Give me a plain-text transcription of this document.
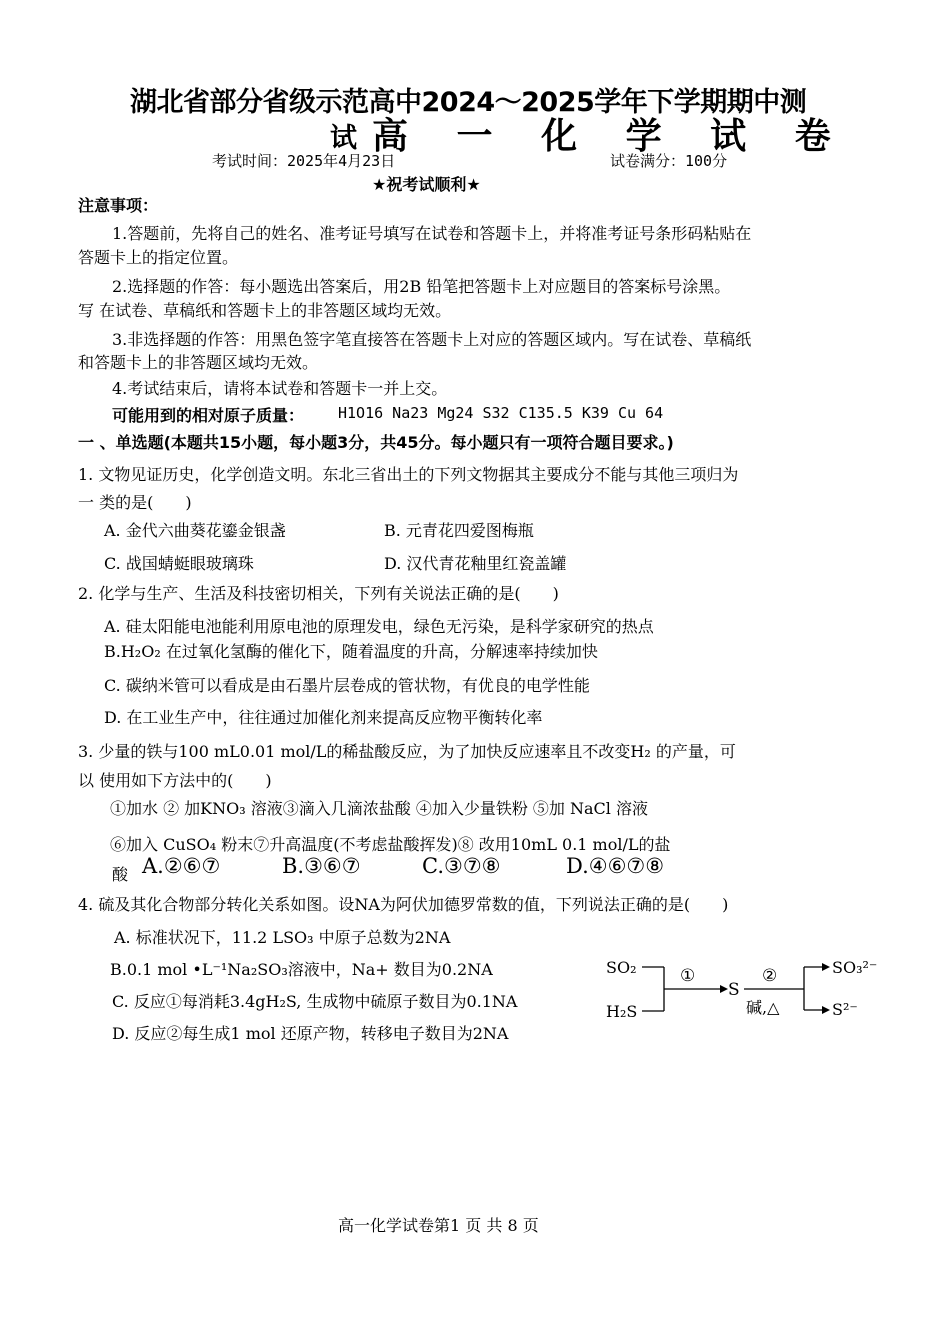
湖北省部分省级示范高中2024～2025学年下学期期中测
试 高 一 化 学 试 卷
考试时间：2025年4月23日	试卷满分：100分
★祝考试顺利★
注意事项：
1.答题前，先将自己的姓名、准考证号填写在试卷和答题卡上，并将准考证号条形码粘贴在
答题卡上的指定位置。
2.选择题的作答：每小题选出答案后，用2B 铅笔把答题卡上对应题目的答案标号涂黑。
写 在试卷、草稿纸和答题卡上的非答题区域均无效。
3.非选择题的作答：用黑色签字笔直接答在答题卡上对应的答题区域内。写在试卷、草稿纸
和答题卡上的非答题区域均无效。
4.考试结束后，请将本试卷和答题卡一并上交。
可能用到的相对原子质量： H1O16 Na23 Mg24 S32 C135.5 K39 Cu 64
一 、单选题(本题共15小题，每小题3分，共45分。每小题只有一项符合题目要求。)
1. 文物见证历史，化学创造文明。东北三省出土的下列文物据其主要成分不能与其他三项归为
一 类的是(　　)
A. 金代六曲葵花鎏金银盏	B. 元青花四爱图梅瓶
C. 战国蜻蜓眼玻璃珠	D. 汉代青花釉里红瓷盖罐
2. 化学与生产、生活及科技密切相关，下列有关说法正确的是(　　)
A. 硅太阳能电池能利用原电池的原理发电，绿色无污染，是科学家研究的热点
B.H₂O₂ 在过氧化氢酶的催化下，随着温度的升高，分解速率持续加快
C. 碳纳米管可以看成是由石墨片层卷成的管状物，有优良的电学性能
D. 在工业生产中，往往通过加催化剂来提高反应物平衡转化率
3. 少量的铁与100 mL0.01 mol/L的稀盐酸反应，为了加快反应速率且不改变H₂ 的产量，可
以 使用如下方法中的(　　)
①加水 ② 加KNO₃ 溶液③滴入几滴浓盐酸 ④加入少量铁粉 ⑤加 NaCl 溶液
⑥加入 CuSO₄ 粉末⑦升高温度(不考虑盐酸挥发)⑧ 改用10mL 0.1 mol/L的盐
酸 A.②⑥⑦	B.③⑥⑦	C.③⑦⑧	D.④⑥⑦⑧
4. 硫及其化合物部分转化关系如图。设NA为阿伏加德罗常数的值，下列说法正确的是(　　)
A. 标准状况下，11.2 LSO₃ 中原子总数为2NA
B.0.1 mol •L⁻¹Na₂SO₃溶液中，Na+ 数目为0.2NA
C. 反应①每消耗3.4gH₂S, 生成物中硫原子数目为0.1NA
D. 反应②每生成1 mol 还原产物，转移电子数目为2NA
SO₂
H₂S
①
S
②
碱,△
SO₃²⁻
S²⁻
高一化学试卷第1 页 共 8 页
